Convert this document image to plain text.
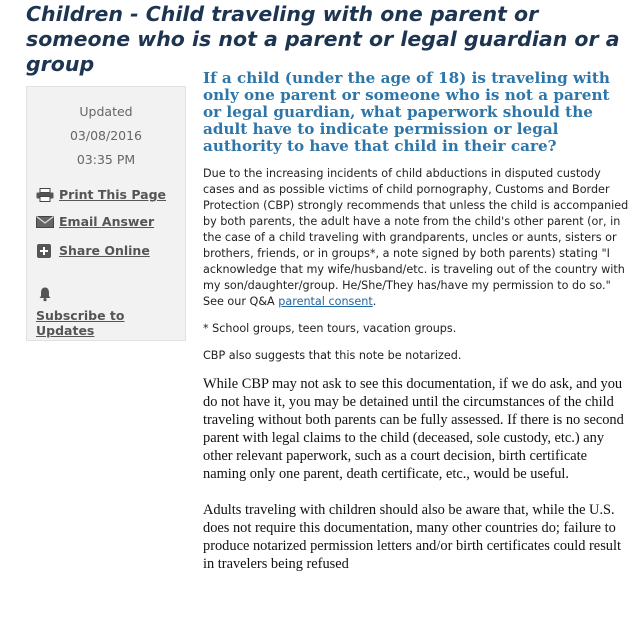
Children - Child traveling with one parent or someone who is not a parent or legal guardian or a group
Updated
03/08/2016 03:35 PM
Print This Page
Email Answer
Share Online
Subscribe to Updates
If a child (under the age of 18) is traveling with only one parent or someone who is not a parent or legal guardian, what paperwork should the adult have to indicate permission or legal authority to have that child in their care?

Due to the increasing incidents of child abductions in disputed custody cases and as possible victims of child pornography, Customs and Border Protection (CBP) strongly recommends that unless the child is accompanied by both parents, the adult have a note from the child's other parent (or, in the case of a child traveling with grandparents, uncles or aunts, sisters or brothers, friends, or in groups*, a note signed by both parents) stating "I acknowledge that my wife/husband/etc. is traveling out of the country with my son/daughter/group. He/She/They has/have my permission to do so." See our Q&A parental consent.

* School groups, teen tours, vacation groups.

CBP also suggests that this note be notarized.

While CBP may not ask to see this documentation, if we do ask, and you do not have it, you may be detained until the circumstances of the child traveling without both parents can be fully assessed. If there is no second parent with legal claims to the child (deceased, sole custody, etc.) any other relevant paperwork, such as a court decision, birth certificate naming only one parent, death certificate, etc., would be useful.

Adults traveling with children should also be aware that, while the U.S. does not require this documentation, many other countries do; failure to produce notarized permission letters and/or birth certificates could result in travelers being refused
